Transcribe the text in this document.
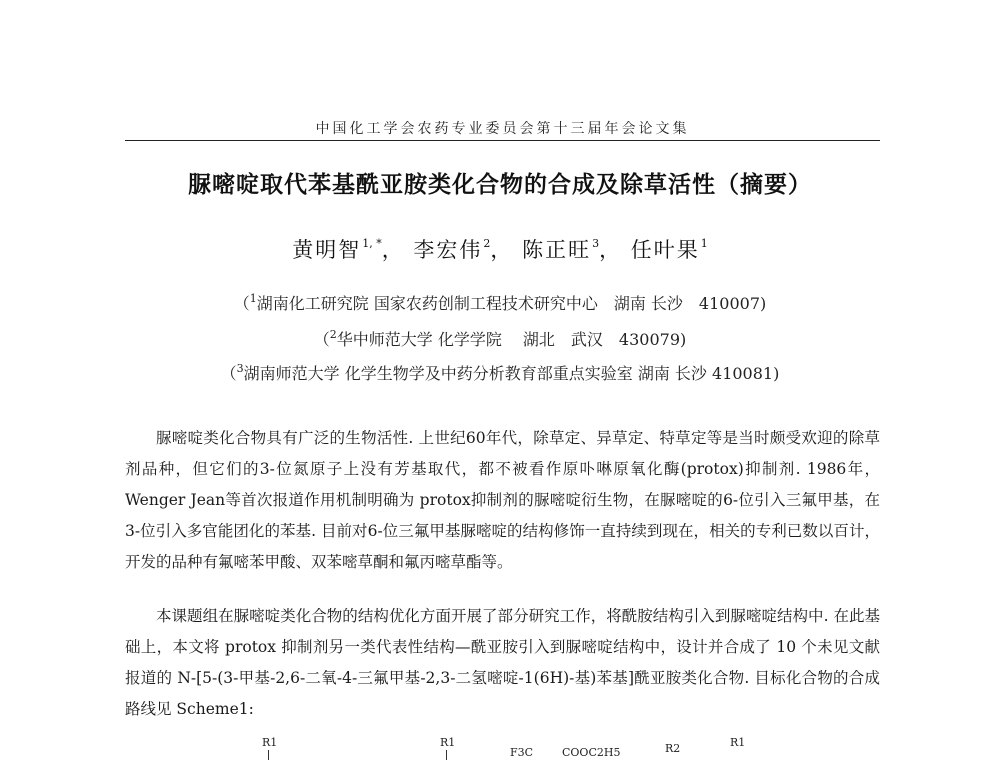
中国化工学会农药专业委员会第十三届年会论文集
脲嘧啶取代苯基酰亚胺类化合物的合成及除草活性（摘要）
黄明智$^{1, *}$， 李宏伟$^2$， 陈正旺$^3$， 任叶果$^1$
（$^1$湖南化工研究院 国家农药创制工程技术研究中心　湖南 长沙　410007)
（$^2$华中师范大学 化学学院　 湖北　武汉　430079)
（$^3$湖南师范大学 化学生物学及中药分析教育部重点实验室 湖南 长沙 410081)

脲嘧啶类化合物具有广泛的生物活性. 上世纪60年代，除草定、异草定、特草定等是当时颇受欢迎的除草剂品种，但它们的3-位氮原子上没有芳基取代，都不被看作原卟啉原氧化酶(protox)抑制剂. 1986年，Wenger Jean等首次报道作用机制明确为 protox抑制剂的脲嘧啶衍生物，在脲嘧啶的6-位引入三氟甲基，在3-位引入多官能团化的苯基. 目前对6-位三氟甲基脲嘧啶的结构修饰一直持续到现在，相关的专利已数以百计，开发的品种有氟嘧苯甲酸、双苯嘧草酮和氟丙嘧草酯等。

本课题组在脲嘧啶类化合物的结构优化方面开展了部分研究工作，将酰胺结构引入到脲嘧啶结构中. 在此基础上，本文将 protox 抑制剂另一类代表性结构—酰亚胺引入到脲嘧啶结构中，设计并合成了 10 个未见文献报道的 N-[5-(3-甲基-2,6-二氧-4-三氟甲基-2,3-二氢嘧啶-1(6H)-基)苯基]酰亚胺类化合物. 目标化合物的合成路线见 Scheme1:

R1	R1
F3C	COOC2H5	R2	R1
